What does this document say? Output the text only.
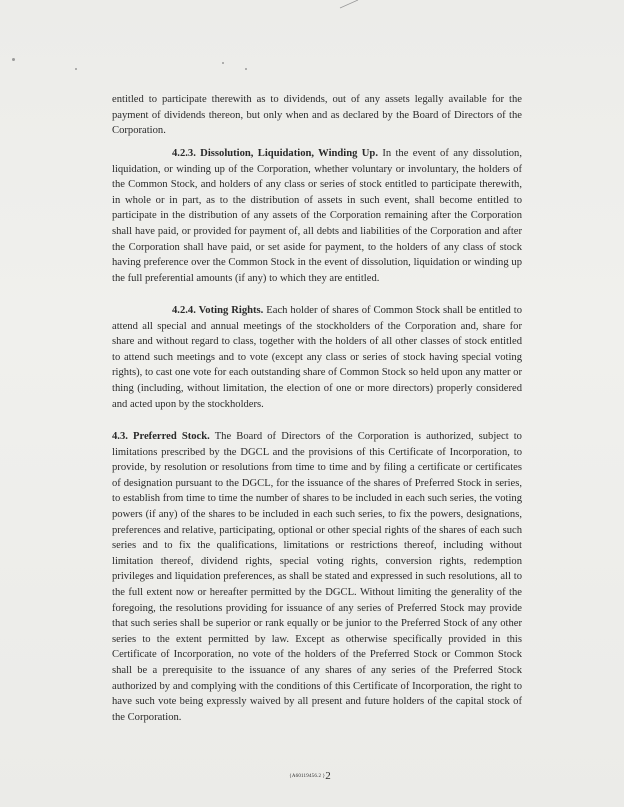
entitled to participate therewith as to dividends, out of any assets legally available for the payment of dividends thereon, but only when and as declared by the Board of Directors of the Corporation.
4.2.3. Dissolution, Liquidation, Winding Up. In the event of any dissolution, liquidation, or winding up of the Corporation, whether voluntary or involuntary, the holders of the Common Stock, and holders of any class or series of stock entitled to participate therewith, in whole or in part, as to the distribution of assets in such event, shall become entitled to participate in the distribution of any assets of the Corporation remaining after the Corporation shall have paid, or provided for payment of, all debts and liabilities of the Corporation and after the Corporation shall have paid, or set aside for payment, to the holders of any class of stock having preference over the Common Stock in the event of dissolution, liquidation or winding up the full preferential amounts (if any) to which they are entitled.
4.2.4. Voting Rights. Each holder of shares of Common Stock shall be entitled to attend all special and annual meetings of the stockholders of the Corporation and, share for share and without regard to class, together with the holders of all other classes of stock entitled to attend such meetings and to vote (except any class or series of stock having special voting rights), to cast one vote for each outstanding share of Common Stock so held upon any matter or thing (including, without limitation, the election of one or more directors) properly considered and acted upon by the stockholders.
4.3. Preferred Stock. The Board of Directors of the Corporation is authorized, subject to limitations prescribed by the DGCL and the provisions of this Certificate of Incorporation, to provide, by resolution or resolutions from time to time and by filing a certificate or certificates of designation pursuant to the DGCL, for the issuance of the shares of Preferred Stock in series, to establish from time to time the number of shares to be included in each such series, the voting powers (if any) of the shares to be included in each such series, to fix the powers, designations, preferences and relative, participating, optional or other special rights of the shares of each such series and to fix the qualifications, limitations or restrictions thereof, including without limitation thereof, dividend rights, special voting rights, conversion rights, redemption privileges and liquidation preferences, as shall be stated and expressed in such resolutions, all to the full extent now or hereafter permitted by the DGCL. Without limiting the generality of the foregoing, the resolutions providing for issuance of any series of Preferred Stock may provide that such series shall be superior or rank equally or be junior to the Preferred Stock of any other series to the extent permitted by law. Except as otherwise specifically provided in this Certificate of Incorporation, no vote of the holders of the Preferred Stock or Common Stock shall be a prerequisite to the issuance of any shares of any series of the Preferred Stock authorized by and complying with the conditions of this Certificate of Incorporation, the right to have such vote being expressly waived by all present and future holders of the capital stock of the Corporation.
{A60119456.2 }2
